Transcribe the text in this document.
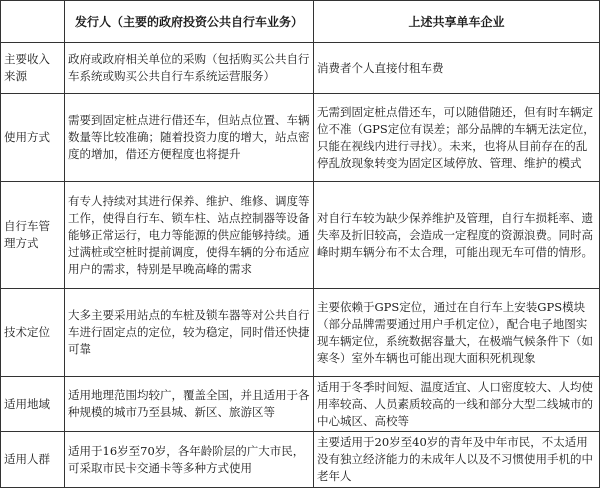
	发行人（主要的政府投资公共自行车业务）	上述共享单车企业
主要收入来源	政府或政府相关单位的采购（包括购买公共自行车系统或购买公共自行车系统运营服务）	消费者个人直接付租车费
使用方式	需要到固定桩点进行借还车，但站点位置、车辆数量等比较准确；随着投资力度的增大，站点密度的增加，借还方便程度也将提升	无需到固定桩点借还车，可以随借随还，但有时车辆定位不准（GPS定位有误差；部分品牌的车辆无法定位，只能在视线内进行寻找）。未来，也将从目前存在的乱停乱放现象转变为固定区域停放、管理、维护的模式
自行车管理方式	有专人持续对其进行保养、维护、维修、调度等工作，使得自行车、锁车柱、站点控制器等设备能够正常运行，电力等能源的供应能够持续。通过满桩或空桩时提前调度，使得车辆的分布适应用户的需求，特别是早晚高峰的需求	对自行车较为缺少保养维护及管理，自行车损耗率、遗失率及折旧较高，会造成一定程度的资源浪费。同时高峰时期车辆分布不太合理，可能出现无车可借的情形。
技术定位	大多主要采用站点的车桩及锁车器等对公共自行车进行固定点的定位，较为稳定，同时借还快捷可靠	主要依赖于GPS定位，通过在自行车上安装GPS模块（部分品牌需要通过用户手机定位），配合电子地图实现车辆定位，系统数据容量大，在极端气候条件下（如寒冬）室外车辆也可能出现大面积死机现象
适用地域	适用地理范围均较广，覆盖全国，并且适用于各种规模的城市乃至县城、新区、旅游区等	适用于冬季时间短、温度适宜、人口密度较大、人均使用率较高、人员素质较高的一线和部分大型二线城市的中心城区、高校等
适用人群	适用于16岁至70岁，各年龄阶层的广大市民，可采取市民卡交通卡等多种方式使用	主要适用于20岁至40岁的青年及中年市民，不太适用没有独立经济能力的未成年人以及不习惯使用手机的中老年人
